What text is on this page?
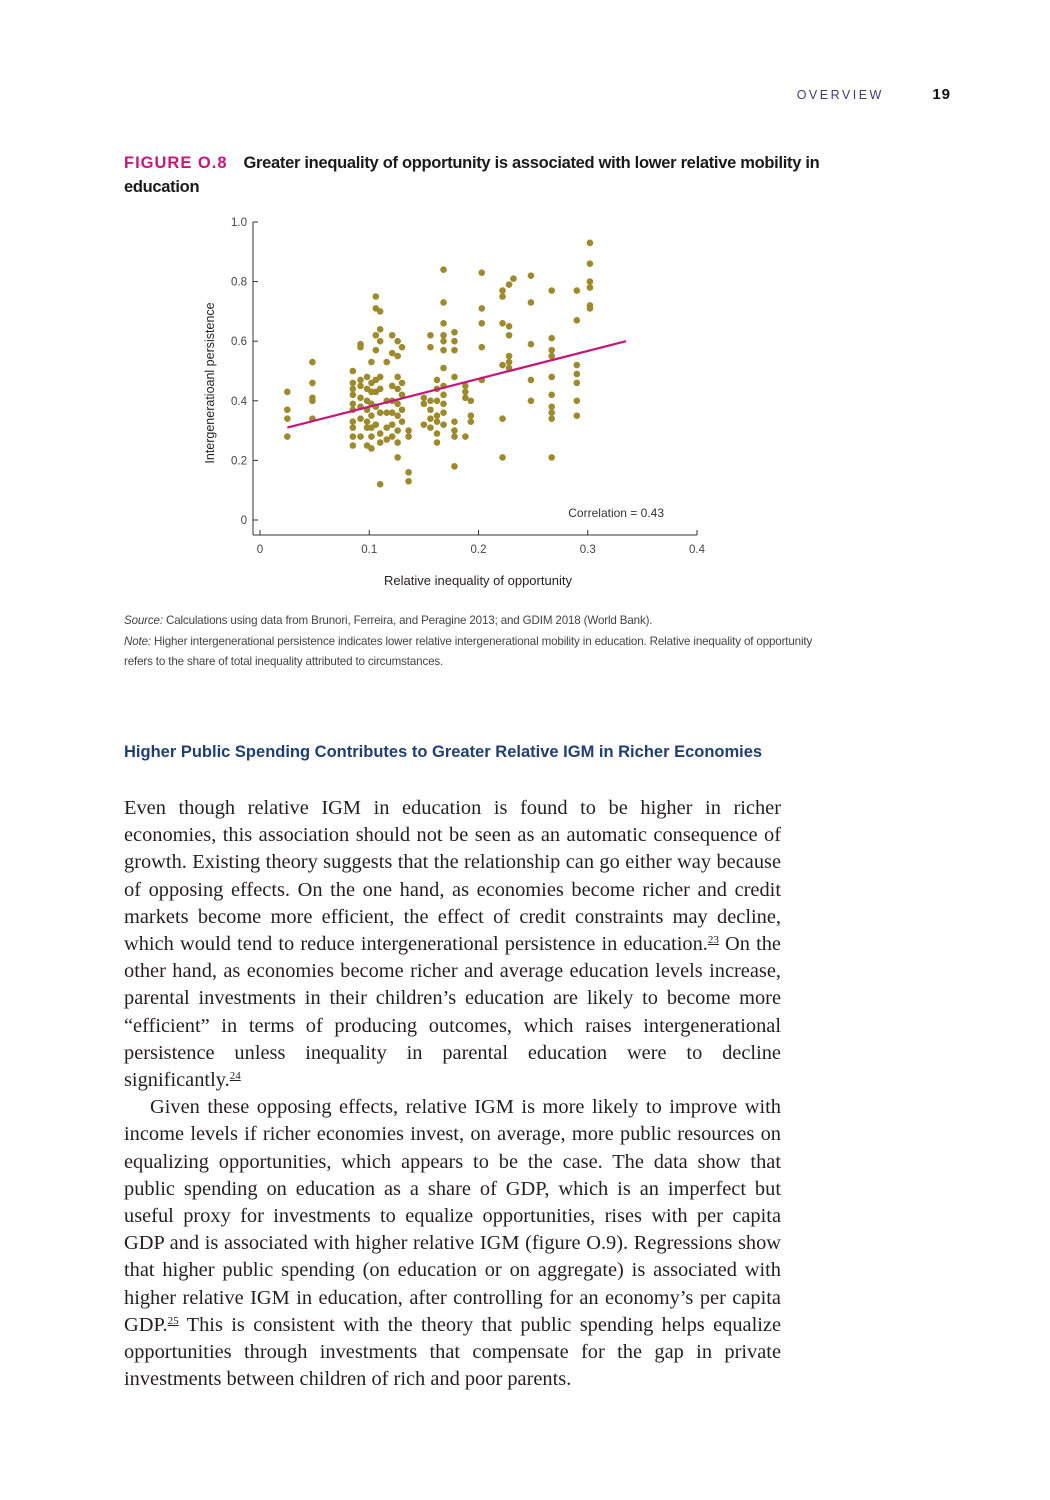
OVERVIEW	19
FIGURE O.8 Greater inequality of opportunity is associated with lower relative mobility in education
0
0.2
0.4
0.6
0.8
1.0
0	0.1	0.2	0.3	0.4
Intergeneratioanl persistence
Relative inequality of opportunity
Correlation = 0.43

Source: Calculations using data from Brunori, Ferreira, and Peragine 2013; and GDIM 2018 (World Bank).

Note: Higher intergenerational persistence indicates lower relative intergenerational mobility in education. Relative inequality of opportunity refers to the share of total inequality attributed to circumstances.

Higher Public Spending Contributes to Greater Relative IGM in Richer Economies

Even though relative IGM in education is found to be higher in richer economies, this association should not be seen as an automatic consequence of growth. Existing theory suggests that the relationship can go either way because of opposing effects. On the one hand, as economies become richer and credit markets become more efficient, the effect of credit constraints may decline, which would tend to reduce intergenerational persistence in education.$^{23}$ On the other hand, as economies become richer and average education levels increase, parental investments in their children’s education are likely to become more “efficient” in terms of producing outcomes, which raises intergenerational persistence unless inequality in parental education were to decline significantly.$^{24}$

Given these opposing effects, relative IGM is more likely to improve with income levels if richer economies invest, on average, more public resources on equalizing opportunities, which appears to be the case. The data show that public spending on education as a share of GDP, which is an imperfect but useful proxy for investments to equalize opportunities, rises with per capita GDP and is associated with higher relative IGM (figure O.9). Regressions show that higher public spending (on education or on aggregate) is associated with higher relative IGM in education, after controlling for an economy’s per capita GDP.$^{25}$ This is consistent with the theory that public spending helps equalize opportunities through investments that compensate for the gap in private investments between children of rich and poor parents.
